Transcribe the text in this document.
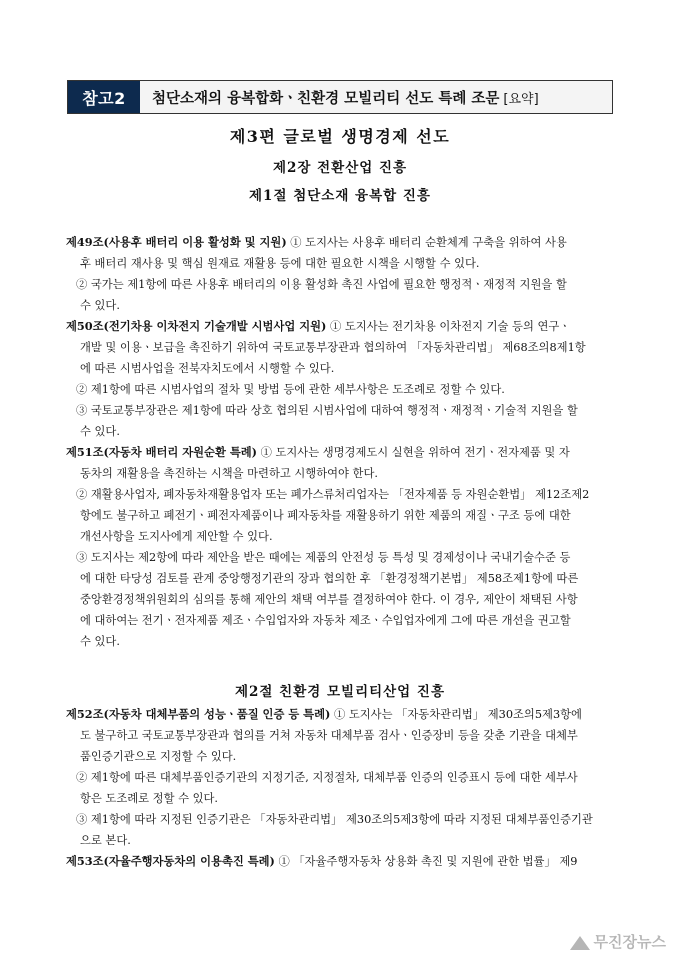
참고2	첨단소재의 융복합화ㆍ친환경 모빌리티 선도 특례 조문 [요약]
제3편 글로벌 생명경제 선도
제2장 전환산업 진흥
제1절 첨단소재 융복합 진흥

제49조(사용후 배터리 이용 활성화 및 지원) ① 도지사는 사용후 배터리 순환체계 구축을 위하여 사용

후 배터리 재사용 및 핵심 원재료 재활용 등에 대한 필요한 시책을 시행할 수 있다.

② 국가는 제1항에 따른 사용후 배터리의 이용 활성화 촉진 사업에 필요한 행정적ㆍ재정적 지원을 할

수 있다.

제50조(전기차용 이차전지 기술개발 시범사업 지원) ① 도지사는 전기차용 이차전지 기술 등의 연구ㆍ

개발 및 이용ㆍ보급을 촉진하기 위하여 국토교통부장관과 협의하여 「자동차관리법」 제68조의8제1항

에 따른 시범사업을 전북자치도에서 시행할 수 있다.

② 제1항에 따른 시범사업의 절차 및 방법 등에 관한 세부사항은 도조례로 정할 수 있다.

③ 국토교통부장관은 제1항에 따라 상호 협의된 시범사업에 대하여 행정적ㆍ재정적ㆍ기술적 지원을 할

수 있다.

제51조(자동차 배터리 자원순환 특례) ① 도지사는 생명경제도시 실현을 위하여 전기ㆍ전자제품 및 자

동차의 재활용을 촉진하는 시책을 마련하고 시행하여야 한다.

② 재활용사업자, 폐자동차재활용업자 또는 폐가스류처리업자는 「전자제품 등 자원순환법」 제12조제2

항에도 불구하고 폐전기ㆍ폐전자제품이나 폐자동차를 재활용하기 위한 제품의 재질ㆍ구조 등에 대한

개선사항을 도지사에게 제안할 수 있다.

③ 도지사는 제2항에 따라 제안을 받은 때에는 제품의 안전성 등 특성 및 경제성이나 국내기술수준 등

에 대한 타당성 검토를 관계 중앙행정기관의 장과 협의한 후 「환경정책기본법」 제58조제1항에 따른

중앙환경정책위원회의 심의를 통해 제안의 채택 여부를 결정하여야 한다. 이 경우, 제안이 채택된 사항

에 대하여는 전기ㆍ전자제품 제조ㆍ수입업자와 자동차 제조ㆍ수입업자에게 그에 따른 개선을 권고할

수 있다.

제2절 친환경 모빌리티산업 진흥

제52조(자동차 대체부품의 성능ㆍ품질 인증 등 특례) ① 도지사는 「자동차관리법」 제30조의5제3항에

도 불구하고 국토교통부장관과 협의를 거쳐 자동차 대체부품 검사ㆍ인증장비 등을 갖춘 기관을 대체부

품인증기관으로 지정할 수 있다.

② 제1항에 따른 대체부품인증기관의 지정기준, 지정절차, 대체부품 인증의 인증표시 등에 대한 세부사

항은 도조례로 정할 수 있다.

③ 제1항에 따라 지정된 인증기관은 「자동차관리법」 제30조의5제3항에 따라 지정된 대체부품인증기관

으로 본다.

제53조(자율주행자동차의 이용촉진 특례) ① 「자율주행자동차 상용화 촉진 및 지원에 관한 법률」 제9

무진장뉴스
